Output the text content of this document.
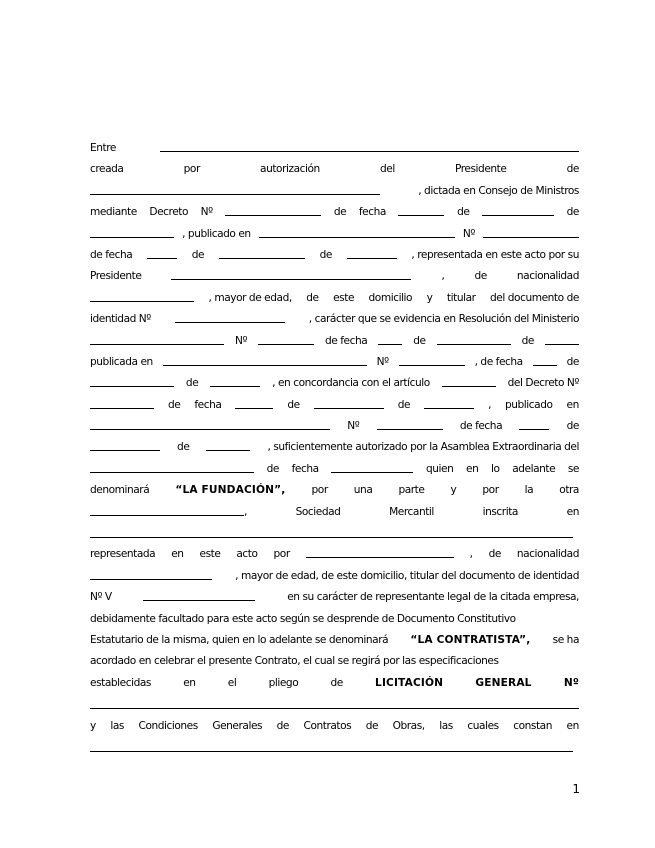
Entre
creada	por	autorización	del	Presidente	de
, dictada en Consejo de Ministros
mediante Decreto Nº	de fecha	de	de
, publicado en	Nº
de fecha	de	de	, representada en este acto por su
Presidente	,	de	nacionalidad
, mayor de edad, de este domicilio y titular del documento de
identidad Nº	, carácter que se evidencia en Resolución del Ministerio
Nº	de fecha	de	de
publicada en	Nº	, de fecha	de
de	, en concordancia con el artículo	del Decreto Nº
de fecha	de	de	, publicado en
Nº	de fecha	de
de	, suficientemente autorizado por la Asamblea Extraordinaria del
de fecha	quien en lo adelante se
denominará “LA FUNDACIÓN”, por una parte y por la otra
,	Sociedad	Mercantil	inscrita	en
representada en este acto por	, de nacionalidad
, mayor de edad, de este domicilio, titular del documento de identidad
Nº V	en su carácter de representante legal de la citada empresa,
debidamente facultado para este acto según se desprende de Documento Constitutivo
Estatutario de la misma, quien en lo adelante se denominará “LA CONTRATISTA”, se ha
acordado en celebrar el presente Contrato, el cual se regirá por las especificaciones
establecidas	en	el	pliego	de	LICITACIÓN	GENERAL	Nº
y las Condiciones Generales de Contratos de Obras, las cuales constan en
1
